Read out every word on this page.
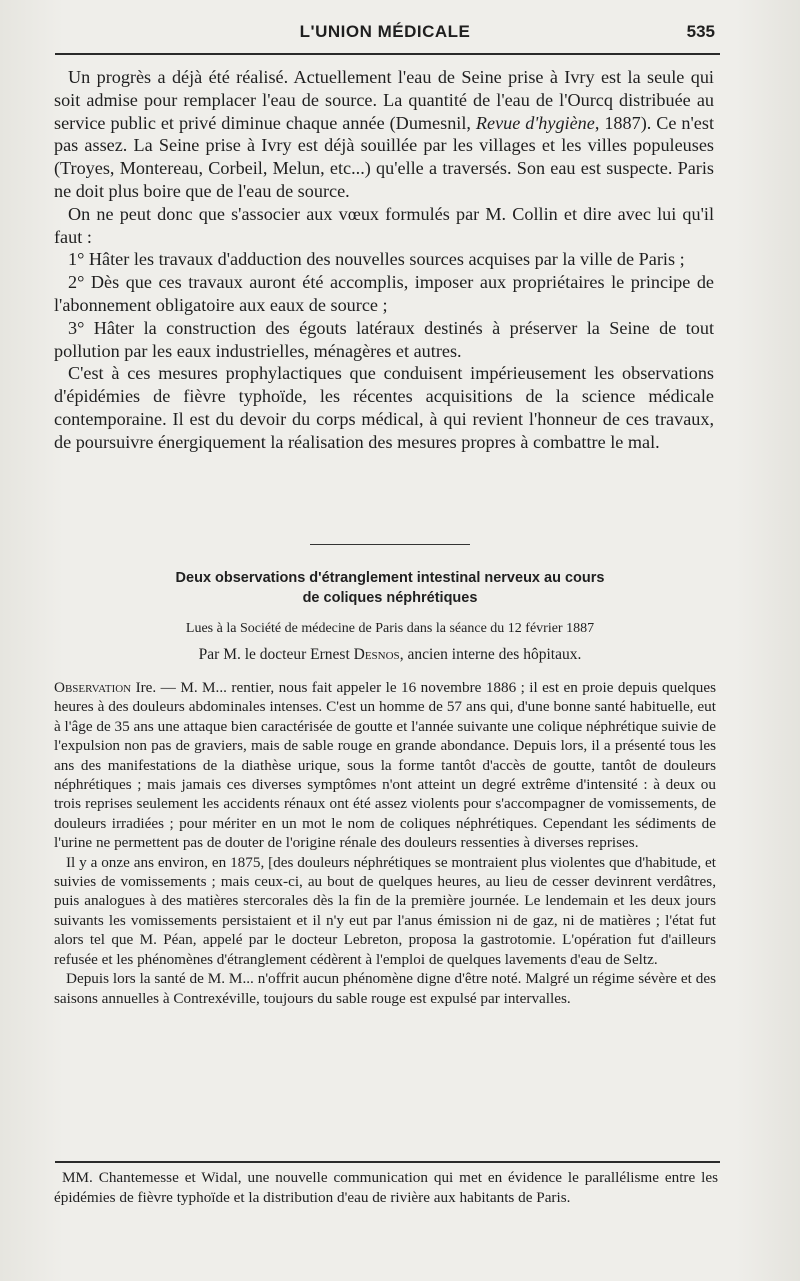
L'UNION MÉDICALE	535

Un progrès a déjà été réalisé. Actuellement l'eau de Seine prise à Ivry est la seule qui soit admise pour remplacer l'eau de source. La quantité de l'eau de l'Ourcq distribuée au service public et privé diminue chaque année (Dumesnil, Revue d'hygiène, 1887). Ce n'est pas assez. La Seine prise à Ivry est déjà souillée par les villages et les villes populeuses (Troyes, Montereau, Corbeil, Melun, etc...) qu'elle a traversés. Son eau est suspecte. Paris ne doit plus boire que de l'eau de source.

On ne peut donc que s'associer aux vœux formulés par M. Collin et dire avec lui qu'il faut :

1° Hâter les travaux d'adduction des nouvelles sources acquises par la ville de Paris ;

2° Dès que ces travaux auront été accomplis, imposer aux propriétaires le principe de l'abonnement obligatoire aux eaux de source ;

3° Hâter la construction des égouts latéraux destinés à préserver la Seine de tout pollution par les eaux industrielles, ménagères et autres.

C'est à ces mesures prophylactiques que conduisent impérieusement les observations d'épidémies de fièvre typhoïde, les récentes acquisitions de la science médicale contemporaine. Il est du devoir du corps médical, à qui revient l'honneur de ces travaux, de poursuivre énergiquement la réalisation des mesures propres à combattre le mal.

Deux observations d'étranglement intestinal nerveux au cours
de coliques néphrétiques
Lues à la Société de médecine de Paris dans la séance du 12 février 1887
Par M. le docteur Ernest Desnos, ancien interne des hôpitaux.

Observation Ire. — M. M... rentier, nous fait appeler le 16 novembre 1886 ; il est en proie depuis quelques heures à des douleurs abdominales intenses. C'est un homme de 57 ans qui, d'une bonne santé habituelle, eut à l'âge de 35 ans une attaque bien caractérisée de goutte et l'année suivante une colique néphrétique suivie de l'expulsion non pas de graviers, mais de sable rouge en grande abondance. Depuis lors, il a présenté tous les ans des manifestations de la diathèse urique, sous la forme tantôt d'accès de goutte, tantôt de douleurs néphrétiques ; mais jamais ces diverses symptômes n'ont atteint un degré extrême d'intensité : à deux ou trois reprises seulement les accidents rénaux ont été assez violents pour s'accompagner de vomissements, de douleurs irradiées ; pour mériter en un mot le nom de coliques néphrétiques. Cependant les sédiments de l'urine ne permettent pas de douter de l'origine rénale des douleurs ressenties à diverses reprises.

Il y a onze ans environ, en 1875, [des douleurs néphrétiques se montraient plus violentes que d'habitude, et suivies de vomissements ; mais ceux-ci, au bout de quelques heures, au lieu de cesser devinrent verdâtres, puis analogues à des matières stercorales dès la fin de la première journée. Le lendemain et les deux jours suivants les vomissements persistaient et il n'y eut par l'anus émission ni de gaz, ni de matières ; l'état fut alors tel que M. Péan, appelé par le docteur Lebreton, proposa la gastrotomie. L'opération fut d'ailleurs refusée et les phénomènes d'étranglement cédèrent à l'emploi de quelques lavements d'eau de Seltz.

Depuis lors la santé de M. M... n'offrit aucun phénomène digne d'être noté. Malgré un régime sévère et des saisons annuelles à Contrexéville, toujours du sable rouge est expulsé par intervalles.

MM. Chantemesse et Widal, une nouvelle communication qui met en évidence le parallélisme entre les épidémies de fièvre typhoïde et la distribution d'eau de rivière aux habitants de Paris.
